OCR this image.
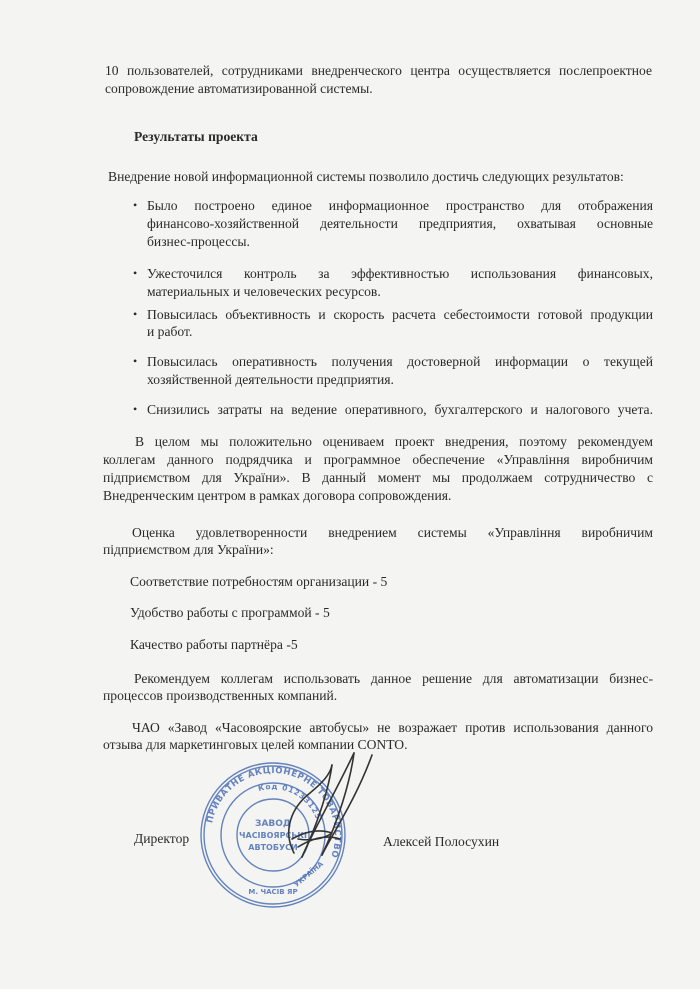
10 пользователей, сотрудниками внедренческого центра осуществляется послепроектное
сопровождение автоматизированной системы.
Результаты проекта
Внедрение новой информационной системы позволило достичь следующих результатов:
• Было построено единое информационное пространство для отображения
финансово-хозяйственной деятельности предприятия, охватывая основные
бизнес-процессы.
• Ужесточился контроль за эффективностью использования финансовых,
материальных и человеческих ресурсов.
• Повысилась объективность и скорость расчета себестоимости готовой продукции
и работ.
• Повысилась оперативность получения достоверной информации о текущей
хозяйственной деятельности предприятия.
• Снизились затраты на ведение оперативного, бухгалтерского и налогового учета.
В целом мы положительно оцениваем проект внедрения, поэтому рекомендуем
коллегам данного подрядчика и программное обеспечение «Управління виробничим
підприємством для України». В данный момент мы продолжаем сотрудничество с
Внедренческим центром в рамках договора сопровождения.
Оценка удовлетворенности внедрением системы «Управління виробничим
підприємством для України»:
Соответствие потребностям организации - 5
Удобство работы с программой - 5
Качество работы партнёра -5
Рекомендуем коллегам использовать данное решение для автоматизации бизнес-
процессов производственных компаний.
ЧАО «Завод «Часовоярские автобусы» не возражает против использования данного
отзыва для маркетинговых целей компании CONTO.
ПРИВАТНЕ АКЦІОНЕРНЕ ТОВАРИСТВО
Код 01233125
ЗАВОД
ЧАСІВОЯРСЬКІ
АВТОБУСИ
М. ЧАСІВ ЯР
УКРАЇНА
Директор	Алексей Полосухин
